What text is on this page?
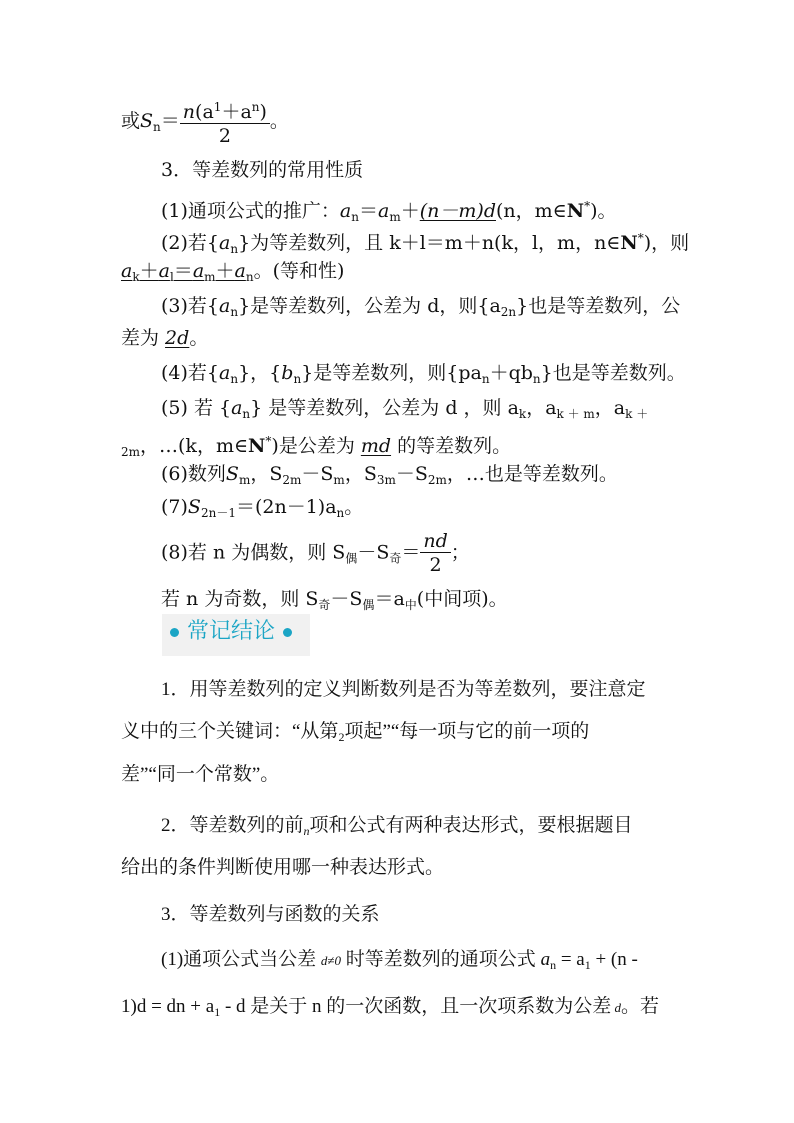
或$S_n= \frac{n(a^1+a^n)}{2}$ 。
3．等差数列的常用性质
(1)通项公式的推广：$a_n=a_m+(n-m)d(n$，m∈N*)。
(2)若$\{a_n\}$为等差数列，且 k＋l＝m＋n(k，l，m，n∈N*)，则
$a_k+a_l=a_m+a_n$。(等和性)
(3)若$\{a_n\}$是等差数列，公差为 d，则$\{a_{2n}\}$也是等差数列，公
差为 2d。
(4)若$\{a_n\}$，$\{b_n\}$是等差数列，则$\{pa_n+qb_n\}$也是等差数列。
(5) 若 $\{a_n\}$ 是等差数列，公差为 d ，则 $a_k$，$a_{k + m}$，$a_{k +}$
$_{2m}$，…(k，m∈N*)是公差为 md 的等差数列。
(6)数列$S_m$，$S_{2m}-S_m$，$S_{3m}-S_{2m}$，…也是等差数列。
$(7)S_{2n-1}=(2n-1)a_n$。
(8)若 n 为偶数，则 $S_偶-S_奇= \frac{nd}{2}$ ；
若 n 为奇数，则 $S_奇-S_偶=a_中$(中间项)。
常记结论
1．用等差数列的定义判断数列是否为等差数列，要注意定
义中的三个关键词：“从第$_2$项起”“每一项与它的前一项的
差”“同一个常数”。
2．等差数列的前$_n$项和公式有两种表达形式，要根据题目
给出的条件判断使用哪一种表达形式。
3．等差数列与函数的关系
(1)通项公式当公差 d≠0 时等差数列的通项公式 $a_n = a_1 + (n$ -
1)d = dn + $a_1$ - d 是关于 n 的一次函数，且一次项系数为公差 d。若
